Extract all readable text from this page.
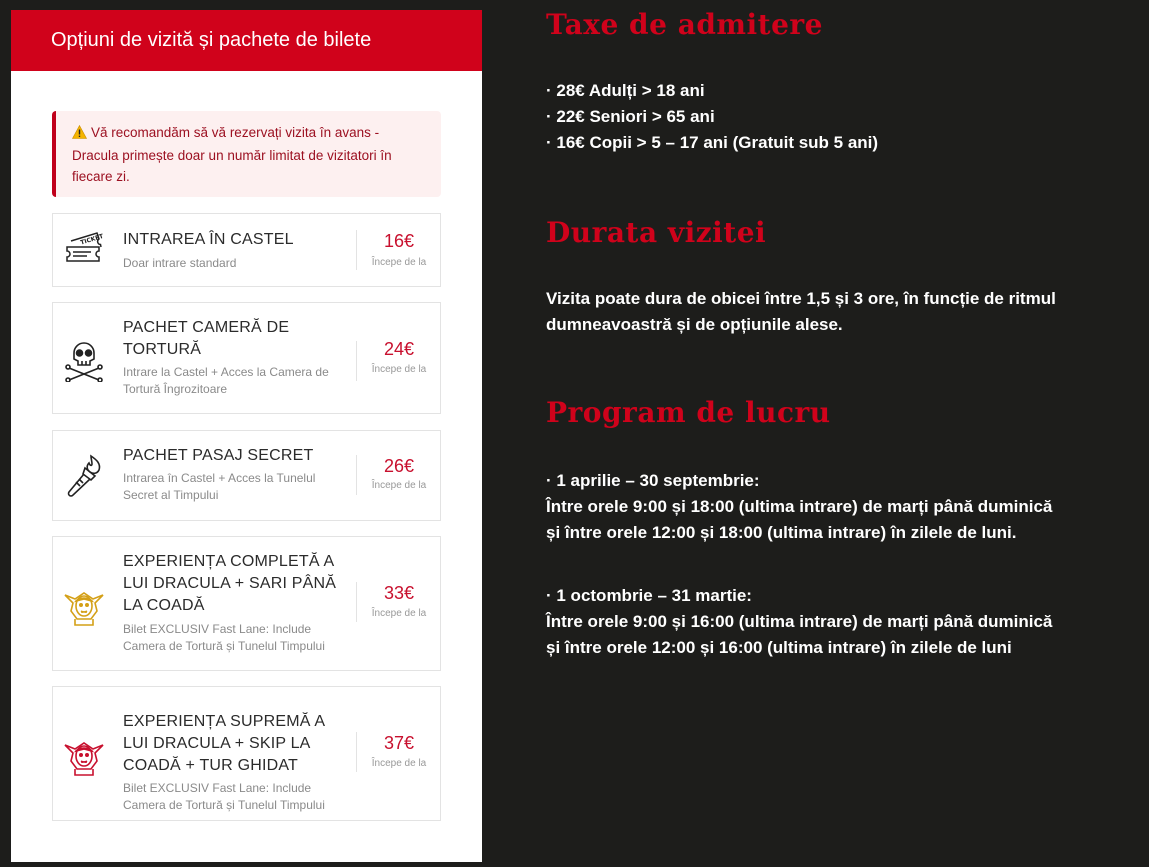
Opțiuni de vizită și pachete de bilete
Vă recomandăm să vă rezervați vizita în avans - Dracula primește doar un număr limitat de vizitatori în fiecare zi.
TICKET INTRAREA ÎN CASTEL
Doar intrare standard
16€
Începe de la
PACHET CAMERĂ DE TORTURĂ
Intrare la Castel + Acces la Camera de Tortură Îngrozitoare
24€
Începe de la
PACHET PASAJ SECRET
Intrarea în Castel + Acces la Tunelul Secret al Timpului
26€
Începe de la
EXPERIENȚA COMPLETĂ A LUI DRACULA + SARI PÂNĂ LA COADĂ
Bilet EXCLUSIV Fast Lane: Include Camera de Tortură și Tunelul Timpului
33€
Începe de la
EXPERIENȚA SUPREMĂ A LUI DRACULA + SKIP LA COADĂ + TUR GHIDAT
Bilet EXCLUSIV Fast Lane: Include Camera de Tortură și Tunelul Timpului
37€
Începe de la
Taxe de admitere
· 28€ Adulți > 18 ani
· 22€ Seniori > 65 ani
· 16€ Copii > 5 – 17 ani (Gratuit sub 5 ani)
Durata vizitei
Vizita poate dura de obicei între 1,5 și 3 ore, în funcție de ritmul
dumneavoastră și de opțiunile alese.
Program de lucru
· 1 aprilie – 30 septembrie:
Între orele 9:00 și 18:00 (ultima intrare) de marți până duminică
și între orele 12:00 și 18:00 (ultima intrare) în zilele de luni.
· 1 octombrie – 31 martie:
Între orele 9:00 și 16:00 (ultima intrare) de marți până duminică
și între orele 12:00 și 16:00 (ultima intrare) în zilele de luni
